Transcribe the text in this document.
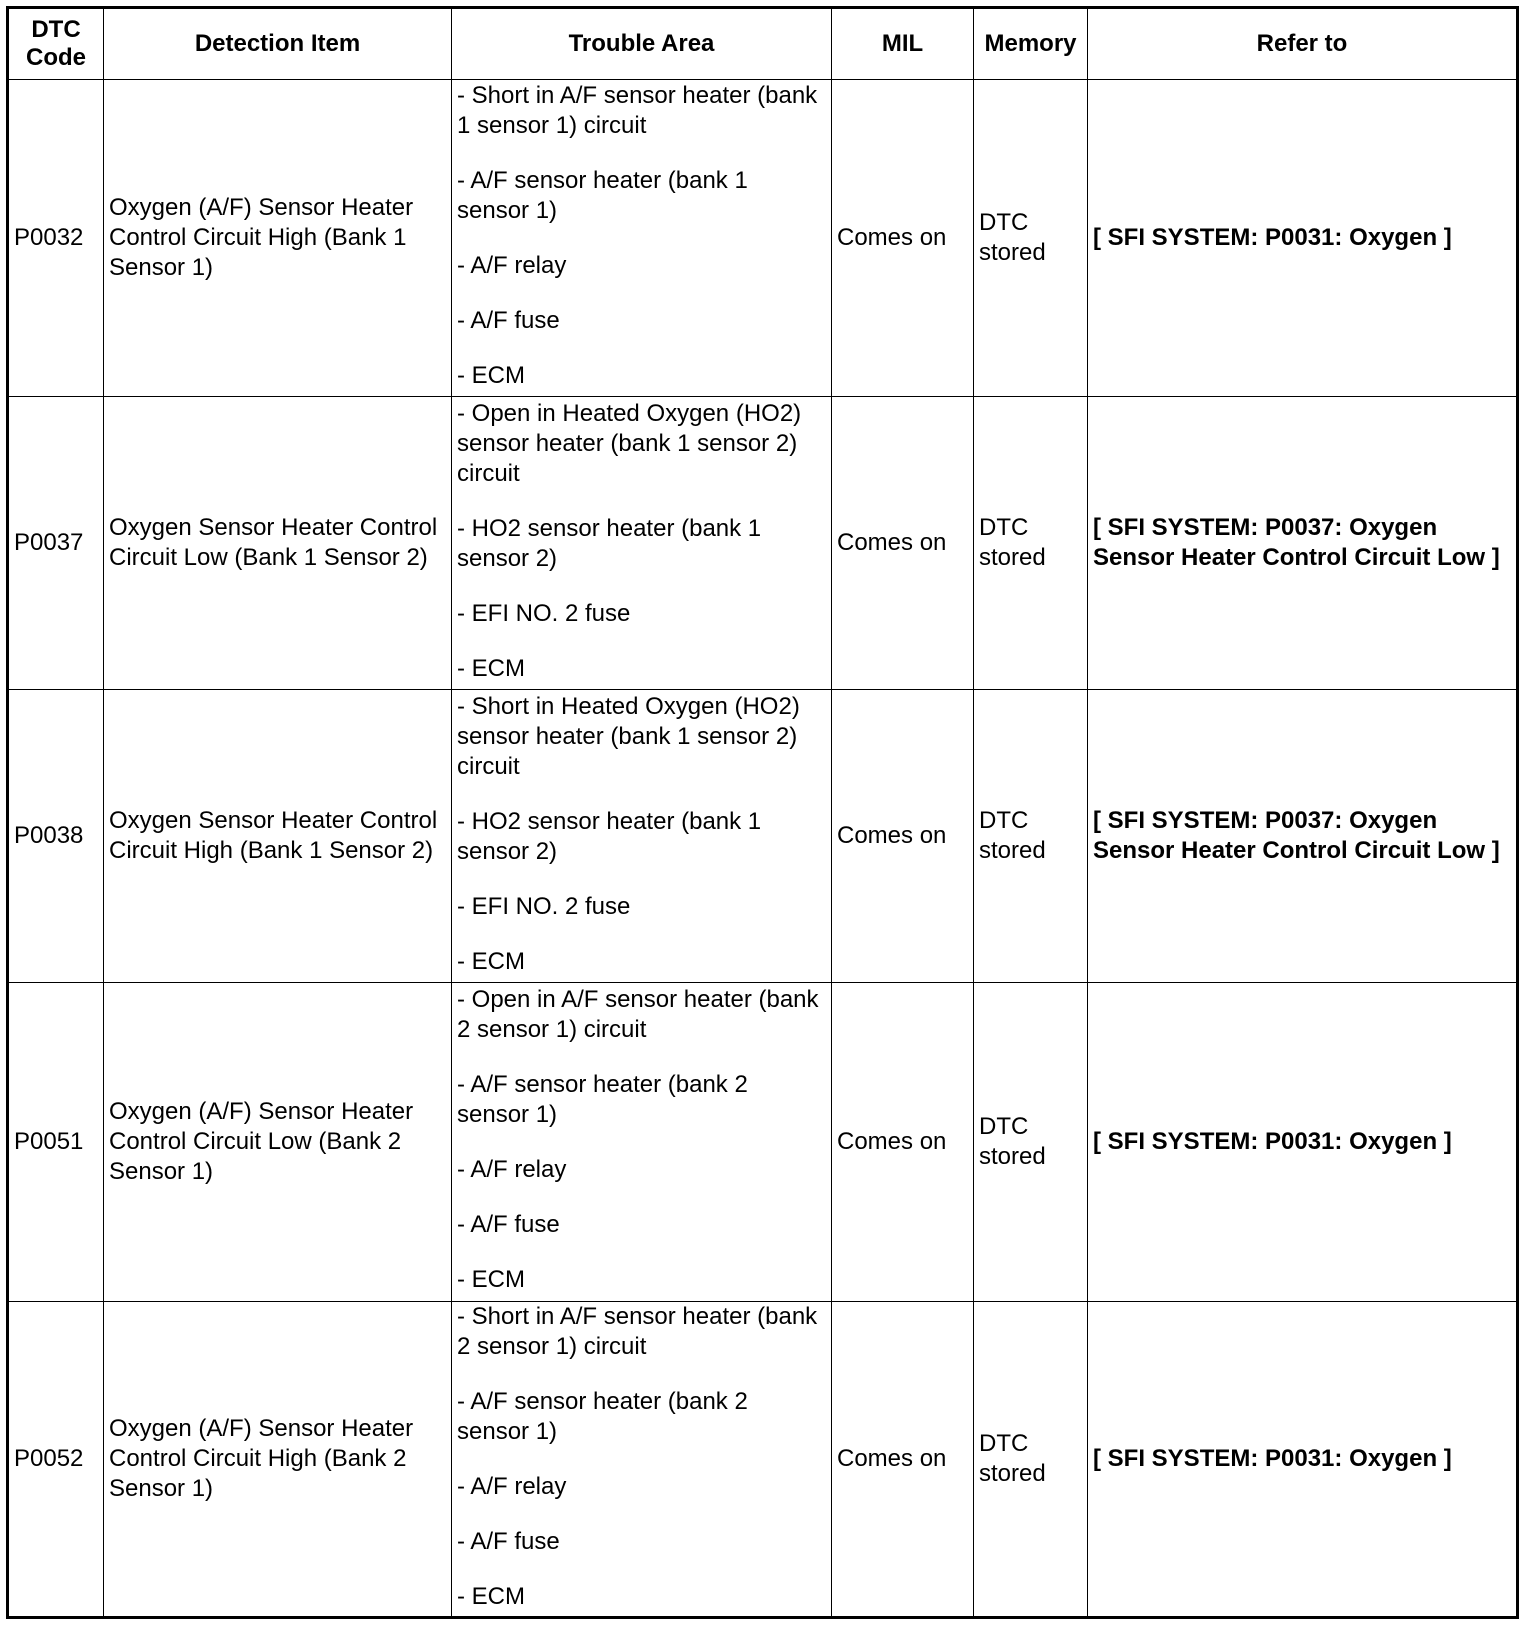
DTC Code	Detection Item	Trouble Area	MIL	Memory	Refer to
P0032	Oxygen (A/F) Sensor Heater Control Circuit High (Bank 1 Sensor 1)	- Short in A/F sensor heater (bank 1 sensor 1) circuit
- A/F sensor heater (bank 1 sensor 1)
- A/F relay
- A/F fuse
- ECM	Comes on	DTC stored	[ SFI SYSTEM: P0031: Oxygen ]
P0037	Oxygen Sensor Heater Control Circuit Low (Bank 1 Sensor 2)	- Open in Heated Oxygen (HO2) sensor heater (bank 1 sensor 2) circuit
- HO2 sensor heater (bank 1 sensor 2)
- EFI NO. 2 fuse
- ECM	Comes on	DTC stored	[ SFI SYSTEM: P0037: Oxygen Sensor Heater Control Circuit Low ]
P0038	Oxygen Sensor Heater Control Circuit High (Bank 1 Sensor 2)	- Short in Heated Oxygen (HO2) sensor heater (bank 1 sensor 2) circuit
- HO2 sensor heater (bank 1 sensor 2)
- EFI NO. 2 fuse
- ECM	Comes on	DTC stored	[ SFI SYSTEM: P0037: Oxygen Sensor Heater Control Circuit Low ]
P0051	Oxygen (A/F) Sensor Heater Control Circuit Low (Bank 2 Sensor 1)	- Open in A/F sensor heater (bank 2 sensor 1) circuit
- A/F sensor heater (bank 2 sensor 1)
- A/F relay
- A/F fuse
- ECM	Comes on	DTC stored	[ SFI SYSTEM: P0031: Oxygen ]
P0052	Oxygen (A/F) Sensor Heater Control Circuit High (Bank 2 Sensor 1)	- Short in A/F sensor heater (bank 2 sensor 1) circuit
- A/F sensor heater (bank 2 sensor 1)
- A/F relay
- A/F fuse
- ECM	Comes on	DTC stored	[ SFI SYSTEM: P0031: Oxygen ]
